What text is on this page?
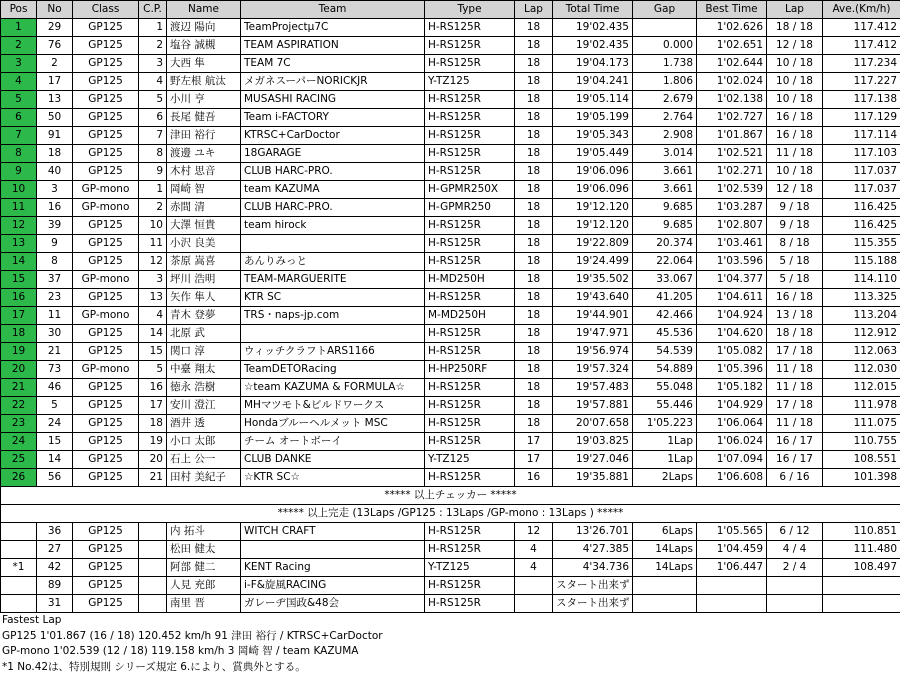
Pos	No	Class	C.P.	Name	Team	Type	Lap	Total Time	Gap	Best Time	Lap	Ave.(Km/h)
1	29	GP125	1	渡辺 陽向	TeamProjectμ7C	H-RS125R	18	19'02.435		1'02.626	18 / 18	117.412
2	76	GP125	2	塩谷 誠槻	TEAM ASPIRATION	H-RS125R	18	19'02.435	0.000	1'02.651	12 / 18	117.412
3	2	GP125	3	大西 隼	TEAM 7C	H-RS125R	18	19'04.173	1.738	1'02.644	10 / 18	117.234
4	17	GP125	4	野左根 航汰	メガネスーパーNORICKJR	Y-TZ125	18	19'04.241	1.806	1'02.024	10 / 18	117.227
5	13	GP125	5	小川 亨	MUSASHI RACING	H-RS125R	18	19'05.114	2.679	1'02.138	10 / 18	117.138
6	50	GP125	6	長尾 健吾	Team i-FACTORY	H-RS125R	18	19'05.199	2.764	1'02.727	16 / 18	117.129
7	91	GP125	7	津田 裕行	KTRSC+CarDoctor	H-RS125R	18	19'05.343	2.908	1'01.867	16 / 18	117.114
8	18	GP125	8	渡邊 ユキ	18GARAGE	H-RS125R	18	19'05.449	3.014	1'02.521	11 / 18	117.103
9	40	GP125	9	木村 思音	CLUB HARC-PRO.	H-RS125R	18	19'06.096	3.661	1'02.271	10 / 18	117.037
10	3	GP-mono	1	岡崎 智	team KAZUMA	H-GPMR250X	18	19'06.096	3.661	1'02.539	12 / 18	117.037
11	16	GP-mono	2	赤間 清	CLUB HARC-PRO.	H-GPMR250	18	19'12.120	9.685	1'03.287	9 / 18	116.425
12	39	GP125	10	大澤 恒貴	team hirock	H-RS125R	18	19'12.120	9.685	1'02.807	9 / 18	116.425
13	9	GP125	11	小沢 良美		H-RS125R	18	19'22.809	20.374	1'03.461	8 / 18	115.355
14	8	GP125	12	茶原 嵩喜	あんりみっと	H-RS125R	18	19'24.499	22.064	1'03.596	5 / 18	115.188
15	37	GP-mono	3	坪川 浩明	TEAM-MARGUERITE	H-MD250H	18	19'35.502	33.067	1'04.377	5 / 18	114.110
16	23	GP125	13	矢作 隼人	KTR SC	H-RS125R	18	19'43.640	41.205	1'04.611	16 / 18	113.325
17	11	GP-mono	4	青木 登夢	TRS・naps-jp.com	M-MD250H	18	19'44.901	42.466	1'04.924	13 / 18	113.204
18	30	GP125	14	北原 武		H-RS125R	18	19'47.971	45.536	1'04.620	18 / 18	112.912
19	21	GP125	15	関口 淳	ウィッチクラフトARS1166	H-RS125R	18	19'56.974	54.539	1'05.082	17 / 18	112.063
20	73	GP-mono	5	中臺 翔太	TeamDETORacing	H-HP250RF	18	19'57.324	54.889	1'05.396	11 / 18	112.030
21	46	GP125	16	徳永 浩樹	☆team KAZUMA & FORMULA☆	H-RS125R	18	19'57.483	55.048	1'05.182	11 / 18	112.015
22	5	GP125	17	安川 澄江	MHマツモト&ビルドワークス	H-RS125R	18	19'57.881	55.446	1'04.929	17 / 18	111.978
23	24	GP125	18	酒井 透	Hondaブルーヘルメット MSC	H-RS125R	18	20'07.658	1'05.223	1'06.064	11 / 18	111.075
24	15	GP125	19	小口 太郎	チーム オートボーイ	H-RS125R	17	19'03.825	1Lap	1'06.024	16 / 17	110.755
25	14	GP125	20	石上 公一	CLUB DANKE	Y-TZ125	17	19'27.046	1Lap	1'07.094	16 / 17	108.551
26	56	GP125	21	田村 美紀子	☆KTR SC☆	H-RS125R	16	19'35.881	2Laps	1'06.608	6 / 16	101.398
***** 以上チェッカー *****												
***** 以上完走 (13Laps /GP125 : 13Laps /GP-mono : 13Laps ) *****												
	36	GP125		内 拓斗	WITCH CRAFT	H-RS125R	12	13'26.701	6Laps	1'05.565	6 / 12	110.851
	27	GP125		松田 健太		H-RS125R	4	4'27.385	14Laps	1'04.459	4 / 4	111.480
*1	42	GP125		阿部 健二	KENT Racing	Y-TZ125	4	4'34.736	14Laps	1'06.447	2 / 4	108.497
	89	GP125		人見 充郎	i-F&旋風RACING	H-RS125R		スタート出来ず				
	31	GP125		南里 晋	ガレーヂ国政&48会	H-RS125R		スタート出来ず				
Fastest Lap
GP125 1'01.867 (16 / 18) 120.452 km/h 91 津田 裕行 / KTRSC+CarDoctor
GP-mono 1'02.539 (12 / 18) 119.158 km/h 3 岡崎 智 / team KAZUMA
*1 No.42は、特別規則 シリーズ規定 6.により、賞典外とする。
